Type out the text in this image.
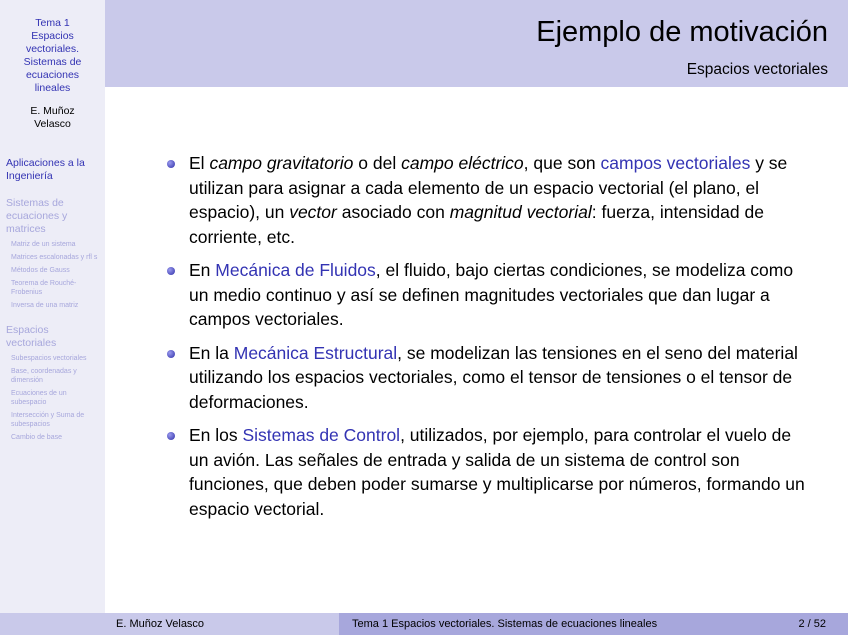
Tema 1
Espacios
vectoriales.
Sistemas de
ecuaciones
lineales
E. Muñoz
Velasco
Aplicaciones a la Ingeniería
Sistemas de ecuaciones y matrices
Matriz de un sistema
Matrices escalonadas y rfl s
Métodos de Gauss
Teorema de Rouché-Frobenius
Inversa de una matriz
Espacios vectoriales
Subespacios vectoriales
Base, coordenadas y dimensión
Ecuaciones de un subespacio
Intersección y Suma de subespacios
Cambio de base
Ejemplo de motivación
Espacios vectoriales
El campo gravitatorio o del campo eléctrico, que son campos vectoriales y se utilizan para asignar a cada elemento de un espacio vectorial (el plano, el espacio), un vector asociado con magnitud vectorial: fuerza, intensidad de corriente, etc.
En Mecánica de Fluidos, el fluido, bajo ciertas condiciones, se modeliza como un medio continuo y así se definen magnitudes vectoriales que dan lugar a campos vectoriales.
En la Mecánica Estructural, se modelizan las tensiones en el seno del material utilizando los espacios vectoriales, como el tensor de tensiones o el tensor de deformaciones.
En los Sistemas de Control, utilizados, por ejemplo, para controlar el vuelo de un avión. Las señales de entrada y salida de un sistema de control son funciones, que deben poder sumarse y multiplicarse por números, formando un espacio vectorial.
E. Muñoz Velasco	Tema 1 Espacios vectoriales. Sistemas de ecuaciones lineales	2 / 52
